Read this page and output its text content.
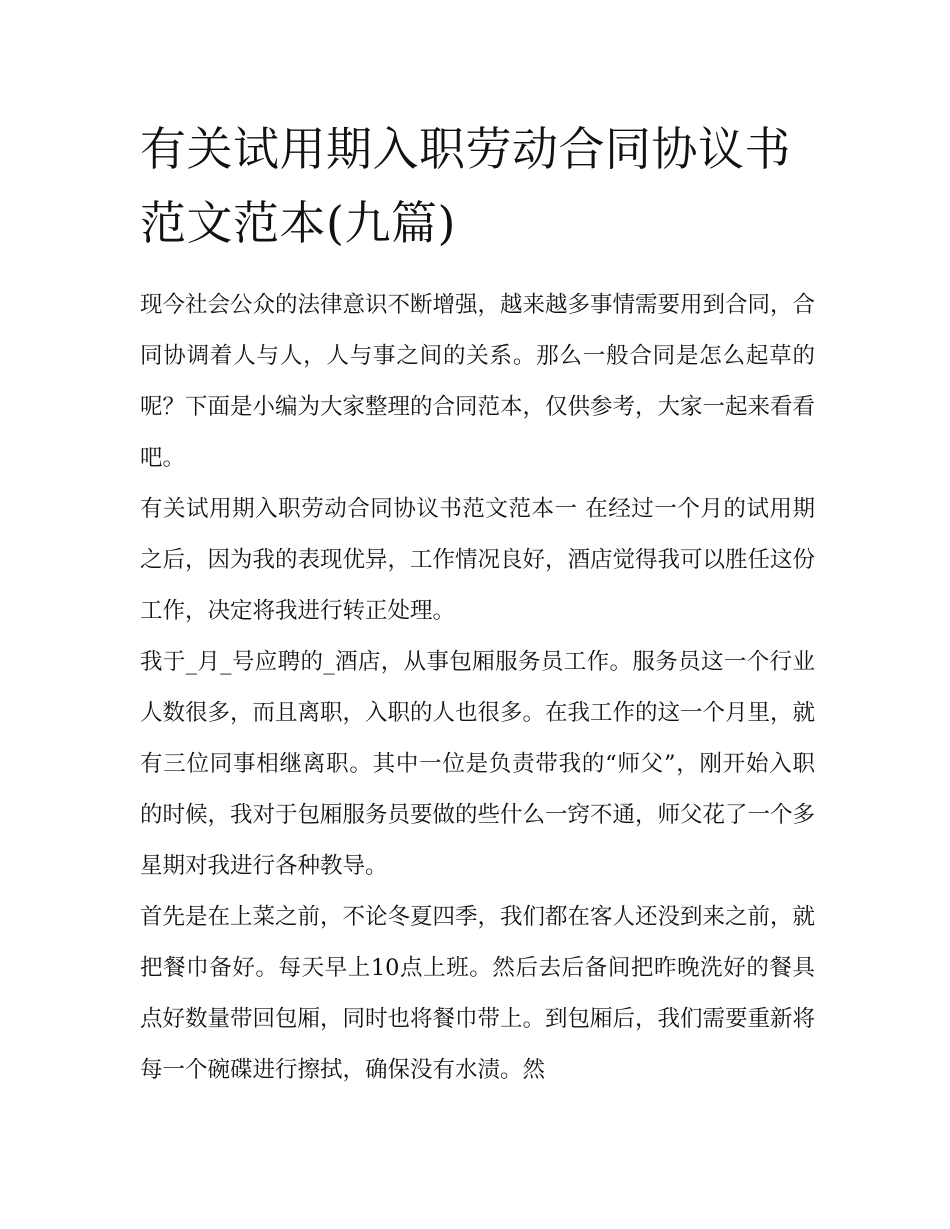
有关试用期入职劳动合同协议书范文范本(九篇)

现今社会公众的法律意识不断增强，越来越多事情需要用到合同，合同协调着人与人，人与事之间的关系。那么一般合同是怎么起草的呢？下面是小编为大家整理的合同范本，仅供参考，大家一起来看看吧。

有关试用期入职劳动合同协议书范文范本一 在经过一个月的试用期之后，因为我的表现优异，工作情况良好，酒店觉得我可以胜任这份工作，决定将我进行转正处理。

我于_月_号应聘的_酒店，从事包厢服务员工作。服务员这一个行业人数很多，而且离职，入职的人也很多。在我工作的这一个月里，就有三位同事相继离职。其中一位是负责带我的“师父”，刚开始入职的时候，我对于包厢服务员要做的些什么一窍不通，师父花了一个多星期对我进行各种教导。

首先是在上菜之前，不论冬夏四季，我们都在客人还没到来之前，就把餐巾备好。每天早上10点上班。然后去后备间把昨晚洗好的餐具点好数量带回包厢，同时也将餐巾带上。到包厢后，我们需要重新将每一个碗碟进行擦拭，确保没有水渍。然
